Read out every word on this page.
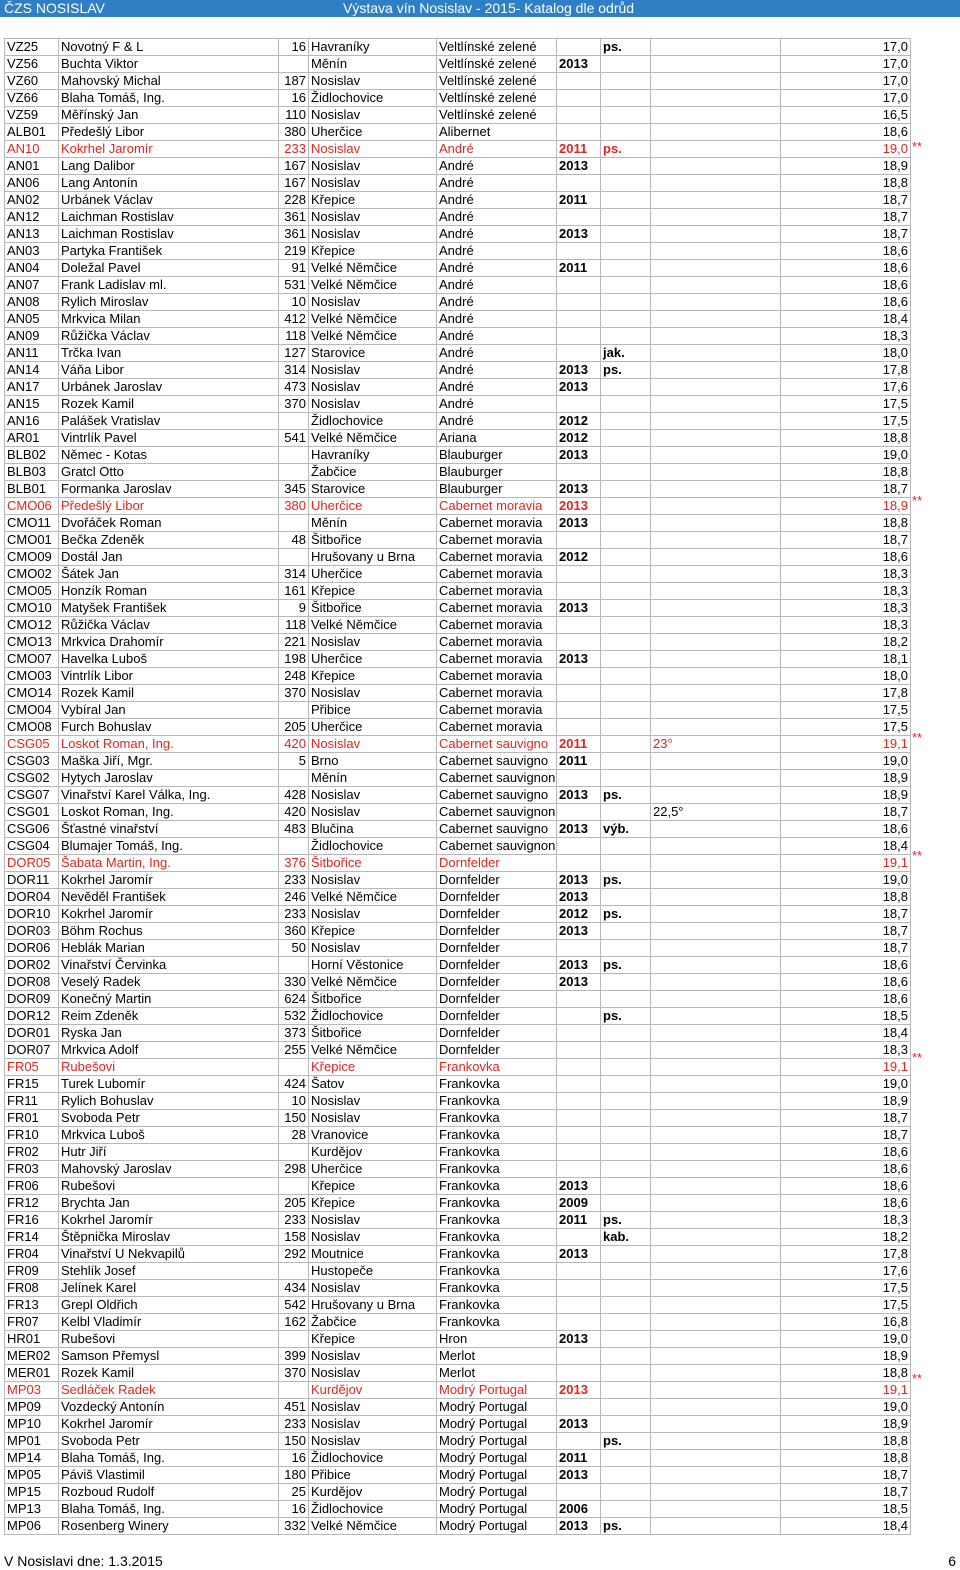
ČZS NOSISLAV	Výstava vín Nosislav - 2015- Katalog dle odrůd
VZ25	Novotný F & L	16	Havraníky	Veltlínské zelené		ps.		17,0
VZ56	Buchta Viktor		Měnín	Veltlínské zelené	2013			17,0
VZ60	Mahovský Michal	187	Nosislav	Veltlínské zelené				17,0
VZ66	Blaha Tomáš, Ing.	16	Židlochovice	Veltlínské zelené				17,0
VZ59	Měřínský Jan	110	Nosislav	Veltlínské zelené				16,5
ALB01	Předešlý Libor	380	Uherčice	Alibernet				18,6
AN10	Kokrhel Jaromír	233	Nosislav	André	2011	ps.		19,0
AN01	Lang Dalibor	167	Nosislav	André	2013			18,9
AN06	Lang Antonín	167	Nosislav	André				18,8
AN02	Urbánek Václav	228	Křepice	André	2011			18,7
AN12	Laichman Rostislav	361	Nosislav	André				18,7
AN13	Laichman Rostislav	361	Nosislav	André	2013			18,7
AN03	Partyka František	219	Křepice	André				18,6
AN04	Doležal Pavel	91	Velké Němčice	André	2011			18,6
AN07	Frank Ladislav ml.	531	Velké Němčice	André				18,6
AN08	Rylich Miroslav	10	Nosislav	André				18,6
AN05	Mrkvica Milan	412	Velké Němčice	André				18,4
AN09	Růžička Václav	118	Velké Němčice	André				18,3
AN11	Trčka Ivan	127	Starovice	André		jak.		18,0
AN14	Váňa Libor	314	Nosislav	André	2013	ps.		17,8
AN17	Urbánek Jaroslav	473	Nosislav	André	2013			17,6
AN15	Rozek Kamil	370	Nosislav	André				17,5
AN16	Palášek Vratislav		Židlochovice	André	2012			17,5
AR01	Vintrlík Pavel	541	Velké Němčice	Ariana	2012			18,8
BLB02	Němec - Kotas		Havraníky	Blauburger	2013			19,0
BLB03	Gratcl Otto		Žabčice	Blauburger				18,8
BLB01	Formanka Jaroslav	345	Starovice	Blauburger	2013			18,7
CMO06	Předešlý Libor	380	Uherčice	Cabernet moravia	2013			18,9
CMO11	Dvořáček Roman		Měnín	Cabernet moravia	2013			18,8
CMO01	Bečka Zdeněk	48	Šitbořice	Cabernet moravia				18,7
CMO09	Dostál Jan		Hrušovany u Brna	Cabernet moravia	2012			18,6
CMO02	Šátek Jan	314	Uherčice	Cabernet moravia				18,3
CMO05	Honzík Roman	161	Křepice	Cabernet moravia				18,3
CMO10	Matyšek František	9	Šitbořice	Cabernet moravia	2013			18,3
CMO12	Růžička Václav	118	Velké Němčice	Cabernet moravia				18,3
CMO13	Mrkvica Drahomír	221	Nosislav	Cabernet moravia				18,2
CMO07	Havelka Luboš	198	Uherčice	Cabernet moravia	2013			18,1
CMO03	Vintrlík Libor	248	Křepice	Cabernet moravia				18,0
CMO14	Rozek Kamil	370	Nosislav	Cabernet moravia				17,8
CMO04	Vybíral Jan		Přibice	Cabernet moravia				17,5
CMO08	Furch Bohuslav	205	Uherčice	Cabernet moravia				17,5
CSG05	Loskot Roman, Ing.	420	Nosislav	Cabernet sauvigno	2011		23°	19,1
CSG03	Maška Jiří, Mgr.	5	Brno	Cabernet sauvigno	2011			19,0
CSG02	Hytych Jaroslav		Měnín	Cabernet sauvignon				18,9
CSG07	Vinařství Karel Válka, Ing.	428	Nosislav	Cabernet sauvigno	2013	ps.		18,9
CSG01	Loskot Roman, Ing.	420	Nosislav	Cabernet sauvignon			22,5°	18,7
CSG06	Šťastné vinařství	483	Blučina	Cabernet sauvigno	2013	výb.		18,6
CSG04	Blumajer Tomáš, Ing.		Židlochovice	Cabernet sauvignon				18,4
DOR05	Šabata Martin, Ing.	376	Šitbořice	Dornfelder				19,1
DOR11	Kokrhel Jaromír	233	Nosislav	Dornfelder	2013	ps.		19,0
DOR04	Nevěděl František	246	Velké Němčice	Dornfelder	2013			18,8
DOR10	Kokrhel Jaromír	233	Nosislav	Dornfelder	2012	ps.		18,7
DOR03	Böhm Rochus	360	Křepice	Dornfelder	2013			18,7
DOR06	Heblák Marian	50	Nosislav	Dornfelder				18,7
DOR02	Vinařství Červinka		Horní Věstonice	Dornfelder	2013	ps.		18,6
DOR08	Veselý Radek	330	Velké Němčice	Dornfelder	2013			18,6
DOR09	Konečný Martin	624	Šitbořice	Dornfelder				18,6
DOR12	Reim Zdeněk	532	Židlochovice	Dornfelder		ps.		18,5
DOR01	Ryska Jan	373	Šitbořice	Dornfelder				18,4
DOR07	Mrkvica Adolf	255	Velké Němčice	Dornfelder				18,3
FR05	Rubešovi		Křepice	Frankovka				19,1
FR15	Turek Lubomír	424	Šatov	Frankovka				19,0
FR11	Rylich Bohuslav	10	Nosislav	Frankovka				18,9
FR01	Svoboda Petr	150	Nosislav	Frankovka				18,7
FR10	Mrkvica Luboš	28	Vranovice	Frankovka				18,7
FR02	Hutr Jiří		Kurdějov	Frankovka				18,6
FR03	Mahovský Jaroslav	298	Uherčice	Frankovka				18,6
FR06	Rubešovi		Křepice	Frankovka	2013			18,6
FR12	Brychta Jan	205	Křepice	Frankovka	2009			18,6
FR16	Kokrhel Jaromír	233	Nosislav	Frankovka	2011	ps.		18,3
FR14	Štěpnička Miroslav	158	Nosislav	Frankovka		kab.		18,2
FR04	Vinařství U Nekvapilů	292	Moutnice	Frankovka	2013			17,8
FR09	Stehlík Josef		Hustopeče	Frankovka				17,6
FR08	Jelínek Karel	434	Nosislav	Frankovka				17,5
FR13	Grepl Oldřich	542	Hrušovany u Brna	Frankovka				17,5
FR07	Kelbl Vladimír	162	Žabčice	Frankovka				16,8
HR01	Rubešovi		Křepice	Hron	2013			19,0
MER02	Samson Přemysl	399	Nosislav	Merlot				18,9
MER01	Rozek Kamil	370	Nosislav	Merlot				18,8
MP03	Sedláček Radek		Kurdějov	Modrý Portugal	2013			19,1
MP09	Vozdecký Antonín	451	Nosislav	Modrý Portugal				19,0
MP10	Kokrhel Jaromír	233	Nosislav	Modrý Portugal	2013			18,9
MP01	Svoboda Petr	150	Nosislav	Modrý Portugal		ps.		18,8
MP14	Blaha Tomáš, Ing.	16	Židlochovice	Modrý Portugal	2011			18,8
MP05	Páviš Vlastimil	180	Přibice	Modrý Portugal	2013			18,7
MP15	Rozboud Rudolf	25	Kurdějov	Modrý Portugal				18,7
MP13	Blaha Tomáš, Ing.	16	Židlochovice	Modrý Portugal	2006			18,5
MP06	Rosenberg Winery	332	Velké Němčice	Modrý Portugal	2013	ps.		18,4
**
**
**
**
**
**
V Nosislavi dne: 1.3.2015	6
